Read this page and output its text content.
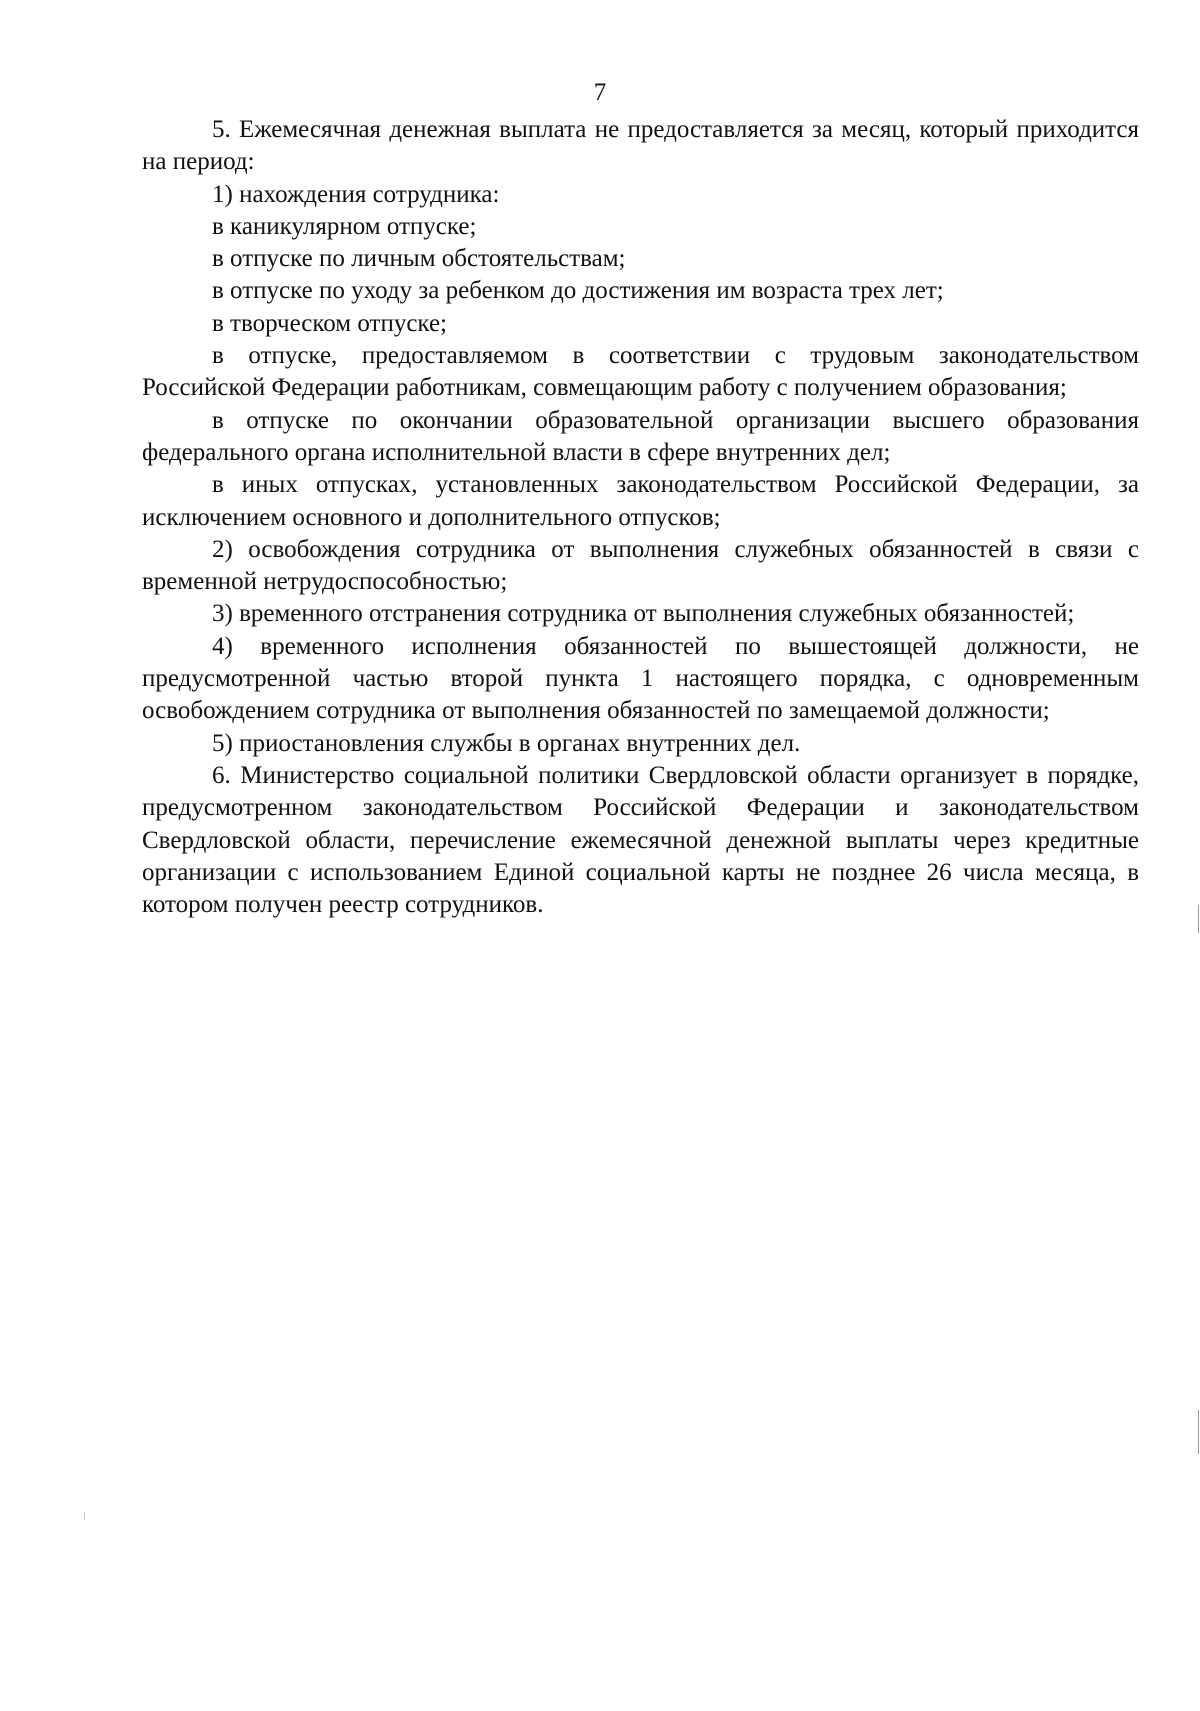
7

5. Ежемесячная денежная выплата не предоставляется за месяц, который приходится на период:

1) нахождения сотрудника:

в каникулярном отпуске;

в отпуске по личным обстоятельствам;

в отпуске по уходу за ребенком до достижения им возраста трех лет;

в творческом отпуске;

в отпуске, предоставляемом в соответствии с трудовым законодательством Российской Федерации работникам, совмещающим работу с получением образования;

в отпуске по окончании образовательной организации высшего образования федерального органа исполнительной власти в сфере внутренних дел;

в иных отпусках, установленных законодательством Российской Федерации, за исключением основного и дополнительного отпусков;

2) освобождения сотрудника от выполнения служебных обязанностей в связи с временной нетрудоспособностью;

3) временного отстранения сотрудника от выполнения служебных обязанностей;

4) временного исполнения обязанностей по вышестоящей должности, не предусмотренной частью второй пункта 1 настоящего порядка, с одновременным освобождением сотрудника от выполнения обязанностей по замещаемой должности;

5) приостановления службы в органах внутренних дел.

6. Министерство социальной политики Свердловской области организует в порядке, предусмотренном законодательством Российской Федерации и законодательством Свердловской области, перечисление ежемесячной денежной выплаты через кредитные организации с использованием Единой социальной карты не позднее 26 числа месяца, в котором получен реестр сотрудников.
